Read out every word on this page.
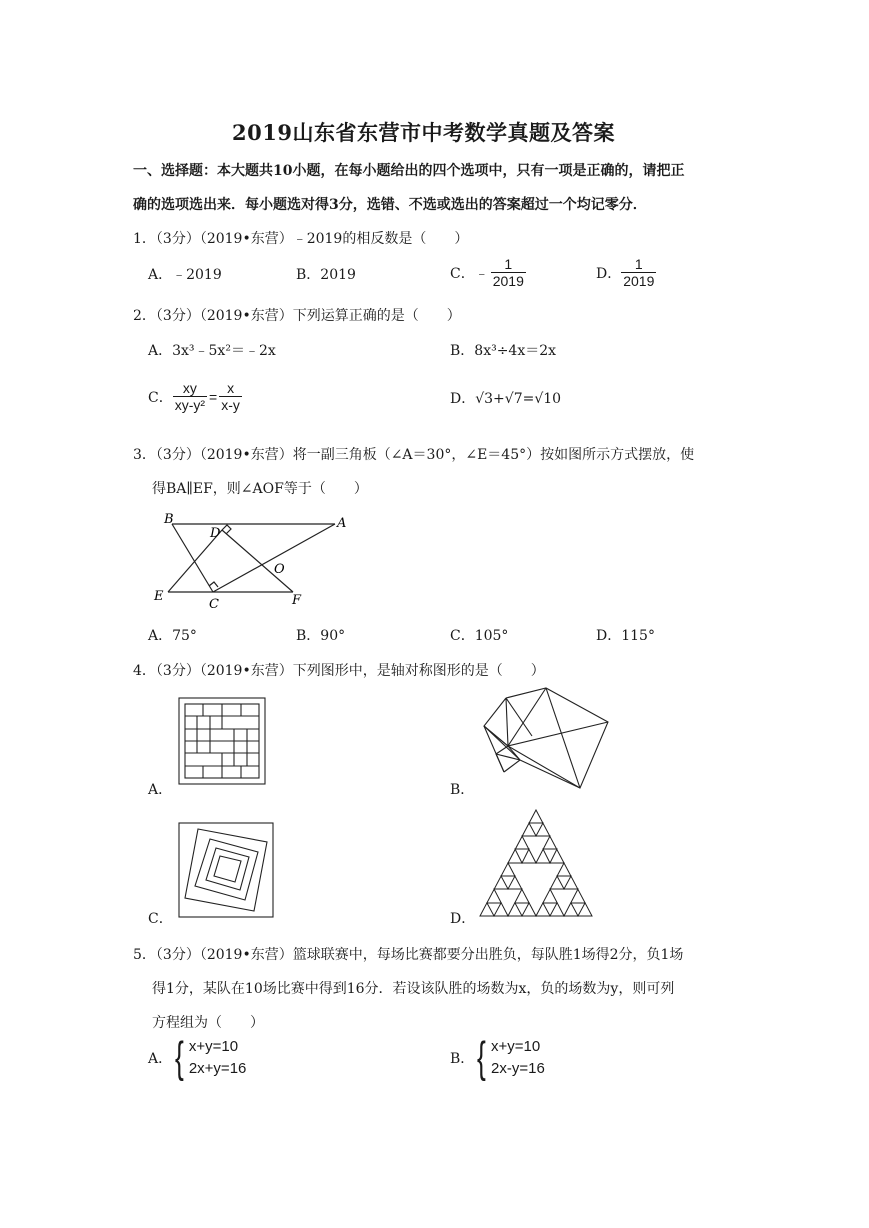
2019山东省东营市中考数学真题及答案
一、选择题：本大题共10小题，在每小题给出的四个选项中，只有一项是正确的，请把正
确的选项选出来．每小题选对得3分，选错、不选或选出的答案超过一个均记零分．
1．（3分）（2019•东营）﹣2019的相反数是（　　）
A．﹣2019	B．2019	C． ﹣ $\frac{1}{2019}$	D． $\frac{1}{2019}$
2．（3分）（2019•东营）下列运算正确的是（　　）
A．3x³﹣5x²＝﹣2x	B．8x³÷4x＝2x
C． $\frac{xy}{\text{xy-y²}} = \frac{x}{x-y}$	D．√3+√7=√10
3．（3分）（2019•东营）将一副三角板（∠A＝30°，∠E＝45°）按如图所示方式摆放，使
得BA∥EF，则∠AOF等于（　　）
B	A
D
O
E
C	F
A．75°	B．90°	C．105°	D．115°
4．（3分）（2019•东营）下列图形中，是轴对称图形的是（　　）
A．	B．
C．	D．
5．（3分）（2019•东营）篮球联赛中，每场比赛都要分出胜负，每队胜1场得2分，负1场
得1分，某队在10场比赛中得到16分．若设该队胜的场数为x，负的场数为y，则可列
方程组为（　　）
A． { x+y=10
2x+y=16
B． { x+y=10
2x-y=16
